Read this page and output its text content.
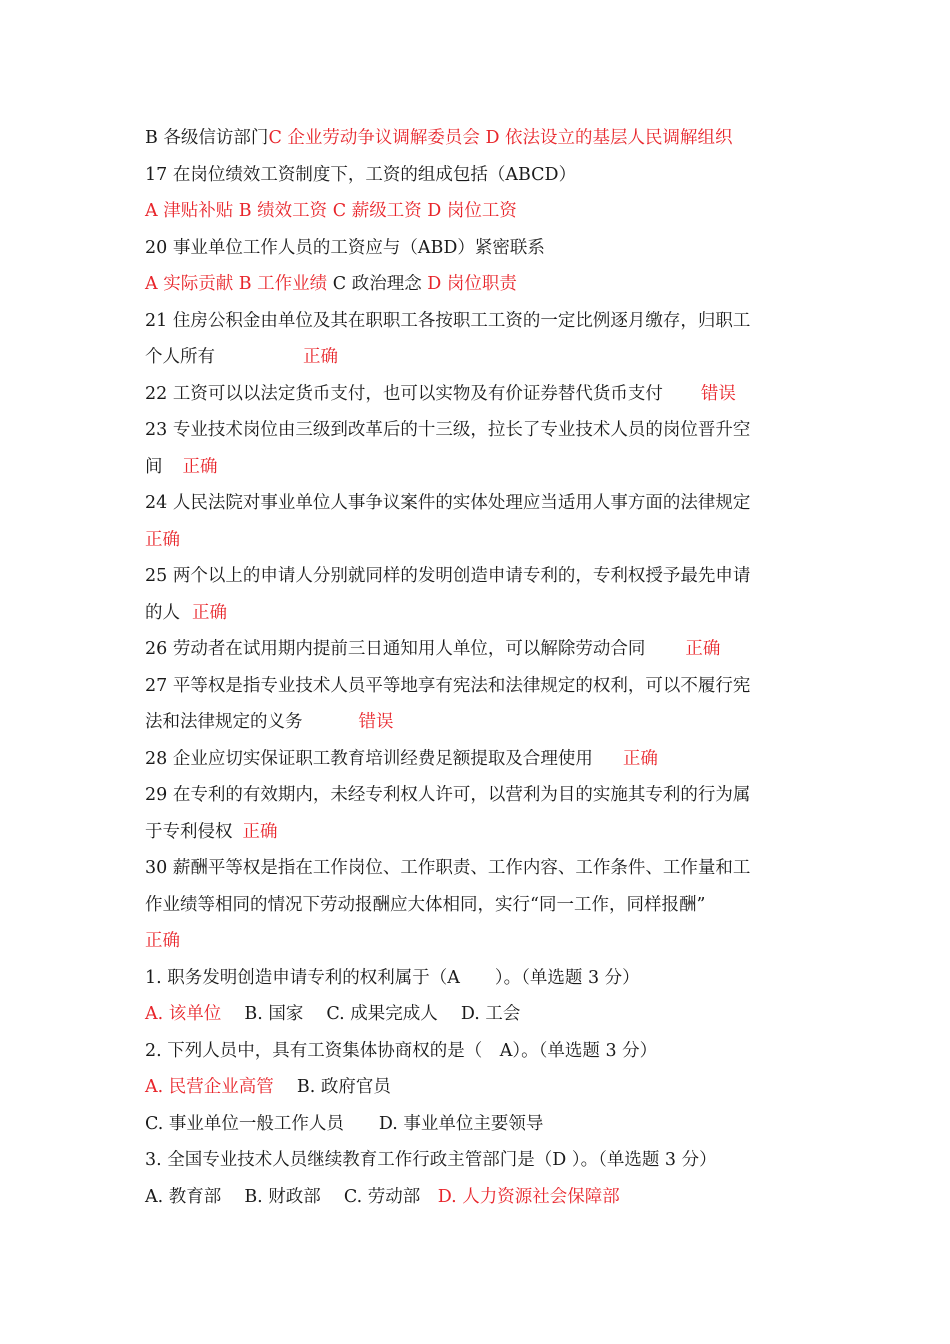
B 各级信访部门C 企业劳动争议调解委员会 D 依法设立的基层人民调解组织
17 在岗位绩效工资制度下，工资的组成包括（ABCD）
A 津贴补贴 B 绩效工资 C 薪级工资 D 岗位工资
20 事业单位工作人员的工资应与（ABD）紧密联系
A 实际贡献 B 工作业绩 C 政治理念 D 岗位职责
21 住房公积金由单位及其在职职工各按职工工资的一定比例逐月缴存，归职工
个人所有	正确
22 工资可以以法定货币支付，也可以实物及有价证券替代货币支付 错误
23 专业技术岗位由三级到改革后的十三级，拉长了专业技术人员的岗位晋升空
间 正确
24 人民法院对事业单位人事争议案件的实体处理应当适用人事方面的法律规定
正确
25 两个以上的申请人分别就同样的发明创造申请专利的，专利权授予最先申请
的人 正确
26 劳动者在试用期内提前三日通知用人单位，可以解除劳动合同 正确
27 平等权是指专业技术人员平等地享有宪法和法律规定的权利，可以不履行宪
法和法律规定的义务	错误
28 企业应切实保证职工教育培训经费足额提取及合理使用 正确
29 在专利的有效期内，未经专利权人许可，以营利为目的实施其专利的行为属
于专利侵权 正确
30 薪酬平等权是指在工作岗位、工作职责、工作内容、工作条件、工作量和工
作业绩等相同的情况下劳动报酬应大体相同，实行“同一工作，同样报酬”
正确
1. 职务发明创造申请专利的权利属于（A　　）。（单选题 3 分）
A. 该单位　 B. 国家　 C. 成果完成人　 D. 工会
2. 下列人员中，具有工资集体协商权的是（　A）。（单选题 3 分）
A. 民营企业高管　 B. 政府官员
C. 事业单位一般工作人员　　D. 事业单位主要领导
3. 全国专业技术人员继续教育工作行政主管部门是（D ）。（单选题 3 分）
A. 教育部　 B. 财政部　 C. 劳动部　D. 人力资源社会保障部
